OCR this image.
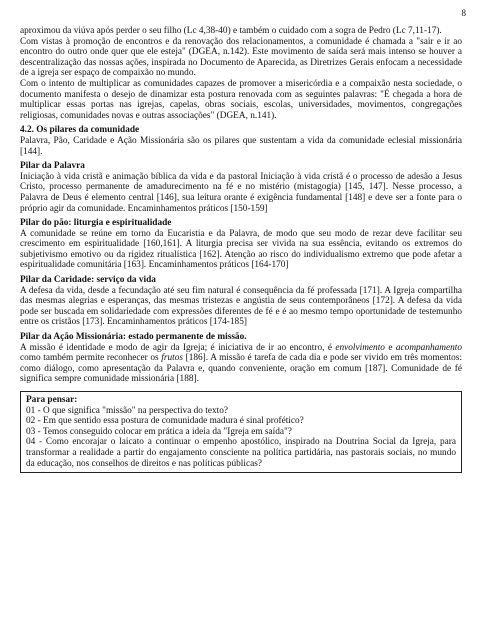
8

aproximou da viúva após perder o seu filho (Lc 4,38-40) e também o cuidado com a sogra de Pedro (Lc 7,11-17).

Com vistas à promoção de encontros e da renovação dos relacionamentos, a comunidade é chamada a "sair e ir ao encontro do outro onde quer que ele esteja" (DGEA, n.142). Este movimento de saída será mais intenso se houver a descentralização das nossas ações, inspirada no Documento de Aparecida, as Diretrizes Gerais enfocam a necessidade de a igreja ser espaço de compaixão no mundo.

Com o intento de multiplicar as comunidades capazes de promover a misericórdia e a compaixão nesta sociedade, o documento manifesta o desejo de dinamizar esta postura renovada com as seguintes palavras: "É chegada a hora de multiplicar essas portas nas igrejas, capelas, obras sociais, escolas, universidades, movimentos, congregações religiosas, comunidades novas e outras associações" (DGEA, n.141).

4.2. Os pilares da comunidade

Palavra, Pão, Caridade e Ação Missionária são os pilares que sustentam a vida da comunidade eclesial missionária [144].

Pilar da Palavra

Iniciação à vida cristã e animação bíblica da vida e da pastoral Iniciação à vida cristã é o processo de adesão a Jesus Cristo, processo permanente de amadurecimento na fé e no mistério (mistagogia) [145, 147]. Nesse processo, a Palavra de Deus é elemento central [146], sua leitura orante é exigência fundamental [148] e deve ser a fonte para o próprio agir da comunidade. Encaminhamentos práticos [150-159]

Pilar do pão: liturgia e espiritualidade

A comunidade se reúne em torno da Eucaristia e da Palavra, de modo que seu modo de rezar deve facilitar seu crescimento em espiritualidade [160,161]. A liturgia precisa ser vivida na sua essência, evitando os extremos do subjetivismo emotivo ou da rigidez ritualística [162]. Atenção ao risco do individualismo extremo que pode afetar a espiritualidade comunitária [163]. Encaminhamentos práticos [164-170]

Pilar da Caridade: serviço da vida

A defesa da vida, desde a fecundação até seu fim natural é consequência da fé professada [171]. A Igreja compartilha das mesmas alegrias e esperanças, das mesmas tristezas e angústia de seus contemporâneos [172]. A defesa da vida pode ser buscada em solidariedade com expressões diferentes de fé e é ao mesmo tempo oportunidade de testemunho entre os cristãos [173]. Encaminhamentos práticos [174-185]

Pilar da Ação Missionária: estado permanente de missão.

A missão é identidade e modo de agir da Igreja; é iniciativa de ir ao encontro, é envolvimento e acompanhamento como também permite reconhecer os frutos [186]. A missão é tarefa de cada dia e pode ser vivido em três momentos: como diálogo, como apresentação da Palavra e, quando conveniente, oração em comum [187]. Comunidade de fé significa sempre comunidade missionária [188].

Para pensar:
01 - O que significa "missão" na perspectiva do texto?
02 - Em que sentido essa postura de comunidade madura é sinal profético?
03 - Temos conseguido colocar em prática a ideia da "Igreja em saída"?
04 - Como encorajar o laicato a continuar o empenho apostólico, inspirado na Doutrina Social da Igreja, para transformar a realidade a partir do engajamento consciente na política partidária, nas pastorais sociais, no mundo da educação, nos conselhos de direitos e nas políticas públicas?
